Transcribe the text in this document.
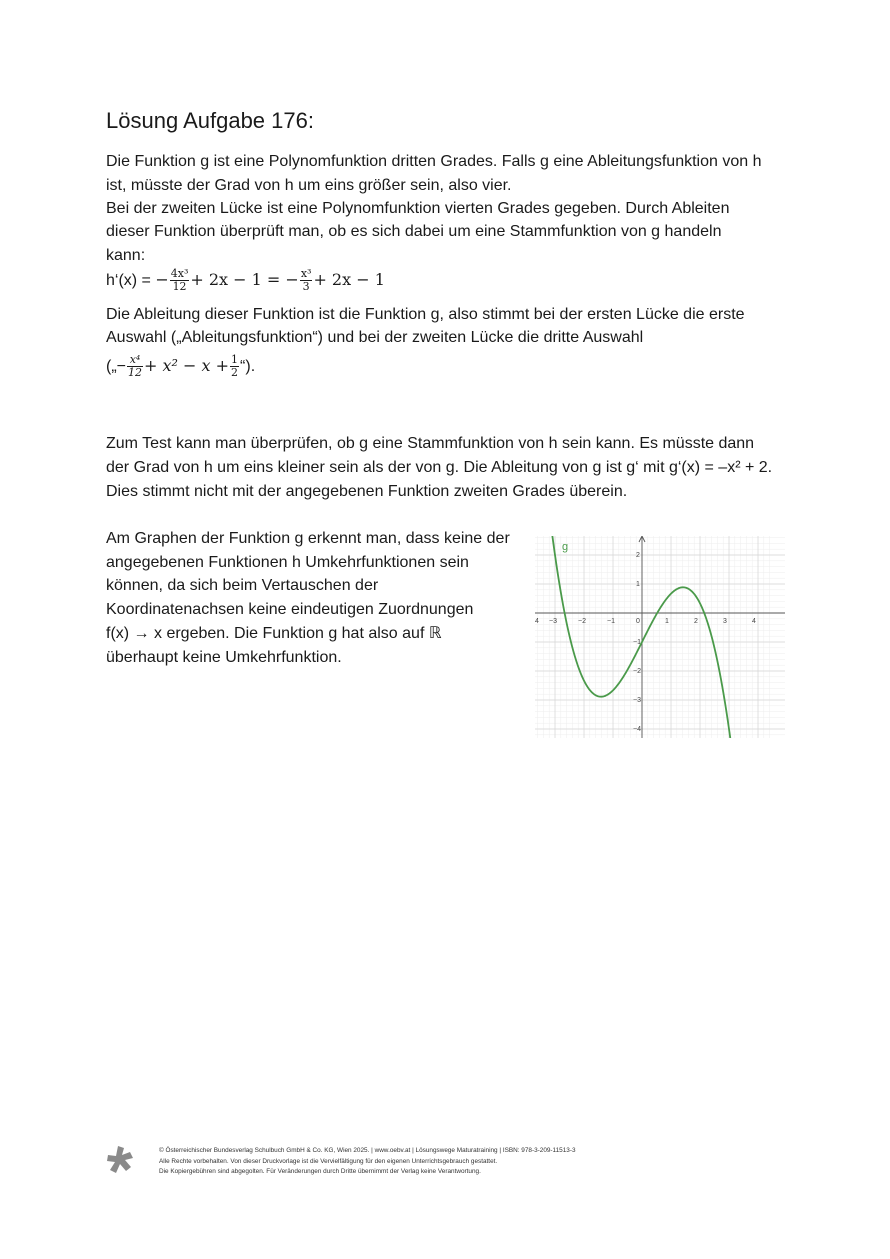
Lösung Aufgabe 176:

Die Funktion g ist eine Polynomfunktion dritten Grades. Falls g eine Ableitungsfunktion von h

ist, müsste der Grad von h um eins größer sein, also vier.

Bei der zweiten Lücke ist eine Polynomfunktion vierten Grades gegeben. Durch Ableiten

dieser Funktion überprüft man, ob es sich dabei um eine Stammfunktion von g handeln

kann:

h‘(x) = − $\frac{\text{4x³}}{12} + 2x - 1$ = − $\frac{\text{x³}}{3} + 2x - 1$

Die Ableitung dieser Funktion ist die Funktion g, also stimmt bei der ersten Lücke die erste

Auswahl („Ableitungsfunktion“) und bei der zweiten Lücke die dritte Auswahl

(„− $\frac{\text{x⁴}}{12} + x^2 - x + \frac{1}{2}$ “).

Zum Test kann man überprüfen, ob g eine Stammfunktion von h sein kann. Es müsste dann

der Grad von h um eins kleiner sein als der von g. Die Ableitung von g ist g‘ mit g‘(x) = –x² + 2.

Dies stimmt nicht mit der angegebenen Funktion zweiten Grades überein.

Am Graphen der Funktion g erkennt man, dass keine der

angegebenen Funktionen h Umkehrfunktionen sein

können, da sich beim Vertauschen der

Koordinatenachsen keine eindeutigen Zuordnungen

f(x) → x ergeben. Die Funktion g hat also auf ℝ

überhaupt keine Umkehrfunktion.

−3	−2	−1	0	1	2	3	4
4
2
1
−1
−2
−3
−4
g
© Österreichischer Bundesverlag Schulbuch GmbH & Co. KG, Wien 2025. | www.oebv.at | Lösungswege Maturatraining | ISBN: 978-3-209-11513-3
Alle Rechte vorbehalten. Von dieser Druckvorlage ist die Vervielfältigung für den eigenen Unterrichtsgebrauch gestattet.
Die Kopiergebühren sind abgegolten. Für Veränderungen durch Dritte übernimmt der Verlag keine Verantwortung.
